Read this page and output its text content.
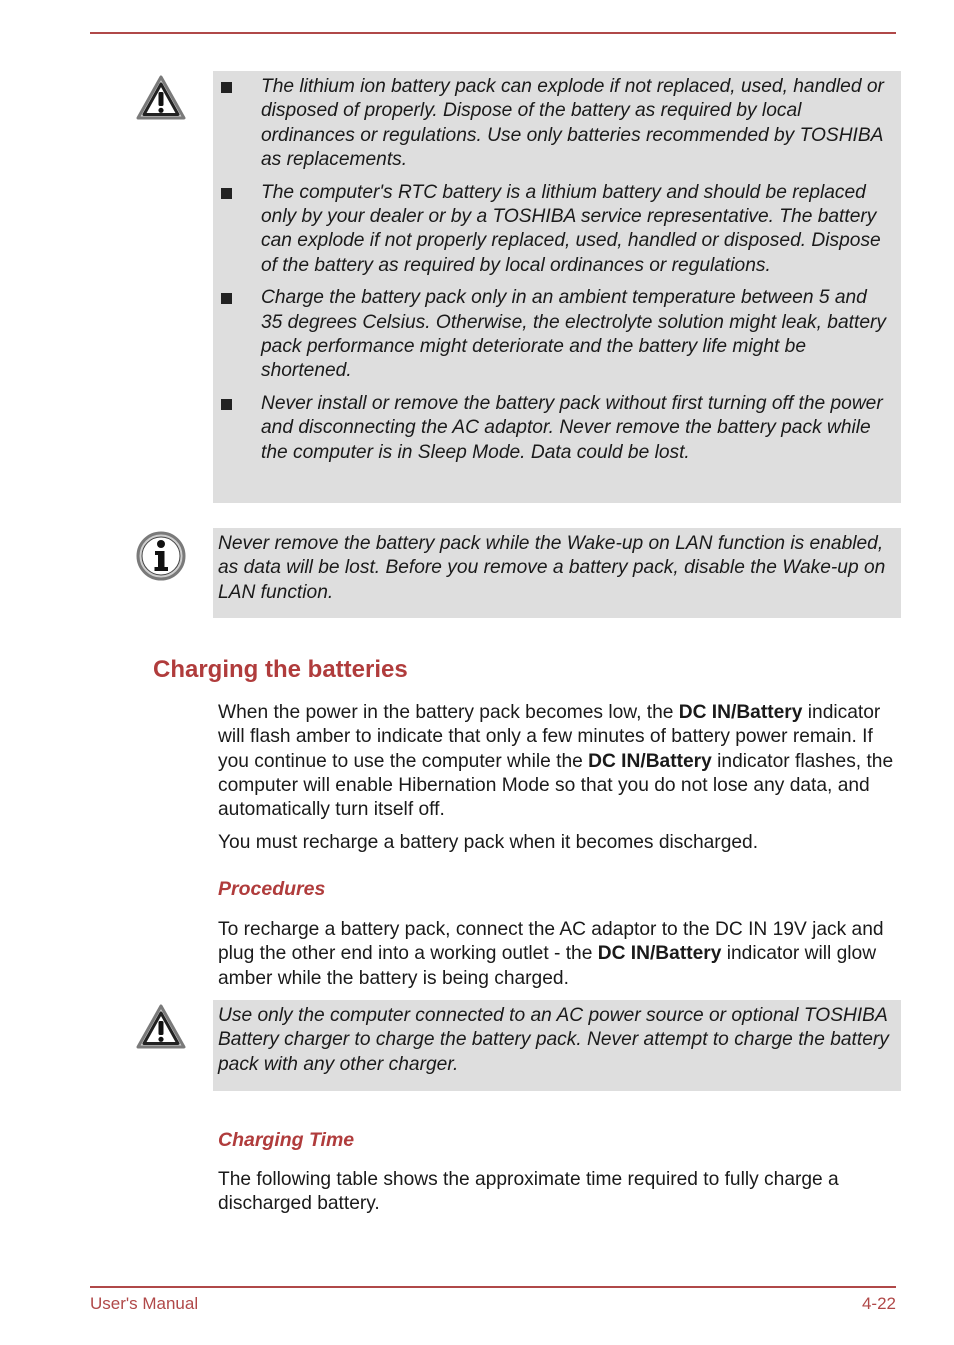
The lithium ion battery pack can explode if not replaced, used, handled or disposed of properly. Dispose of the battery as required by local ordinances or regulations. Use only batteries recommended by TOSHIBA as replacements.
The computer's RTC battery is a lithium battery and should be replaced only by your dealer or by a TOSHIBA service representative. The battery can explode if not properly replaced, used, handled or disposed. Dispose of the battery as required by local ordinances or regulations.
Charge the battery pack only in an ambient temperature between 5 and 35 degrees Celsius. Otherwise, the electrolyte solution might leak, battery pack performance might deteriorate and the battery life might be shortened.
Never install or remove the battery pack without first turning off the power and disconnecting the AC adaptor. Never remove the battery pack while the computer is in Sleep Mode. Data could be lost.
Never remove the battery pack while the Wake-up on LAN function is enabled, as data will be lost. Before you remove a battery pack, disable the Wake-up on LAN function.
Charging the batteries

When the power in the battery pack becomes low, the DC IN/Battery indicator will flash amber to indicate that only a few minutes of battery power remain. If you continue to use the computer while the DC IN/Battery indicator flashes, the computer will enable Hibernation Mode so that you do not lose any data, and automatically turn itself off.

You must recharge a battery pack when it becomes discharged.

Procedures

To recharge a battery pack, connect the AC adaptor to the DC IN 19V jack and plug the other end into a working outlet - the DC IN/Battery indicator will glow amber while the battery is being charged.

Use only the computer connected to an AC power source or optional TOSHIBA Battery charger to charge the battery pack. Never attempt to charge the battery pack with any other charger.
Charging Time

The following table shows the approximate time required to fully charge a discharged battery.

User's Manual	4-22
